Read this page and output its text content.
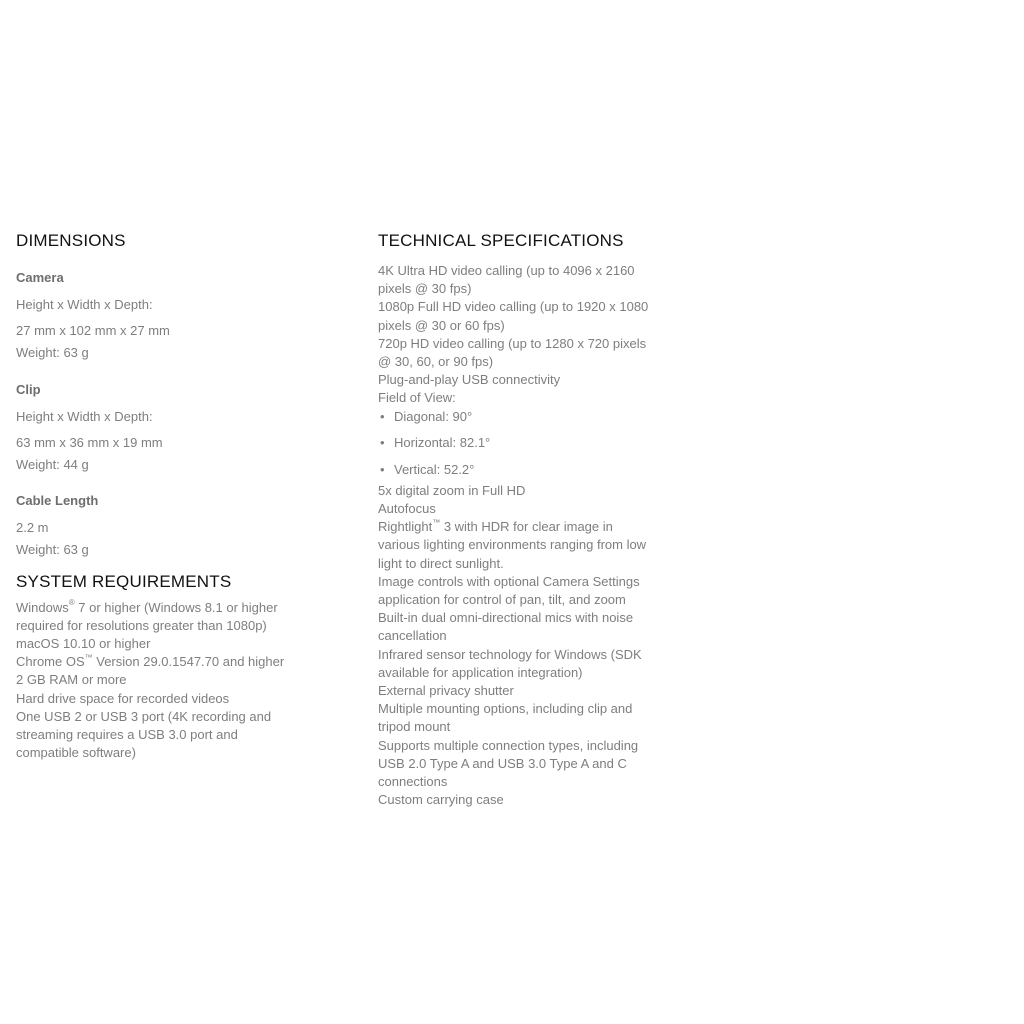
DIMENSIONS
Camera
Height x Width x Depth:
27 mm x 102 mm x 27 mm
Weight: 63 g
Clip
Height x Width x Depth:
63 mm x 36 mm x 19 mm
Weight: 44 g
Cable Length
2.2 m
Weight: 63 g
SYSTEM REQUIREMENTS
Windows® 7 or higher (Windows 8.1 or higher
required for resolutions greater than 1080p)
macOS 10.10 or higher
Chrome OS™ Version 29.0.1547.70 and higher
2 GB RAM or more
Hard drive space for recorded videos
One USB 2 or USB 3 port (4K recording and
streaming requires a USB 3.0 port and
compatible software)
TECHNICAL SPECIFICATIONS
4K Ultra HD video calling (up to 4096 x 2160
pixels @ 30 fps)
1080p Full HD video calling (up to 1920 x 1080
pixels @ 30 or 60 fps)
720p HD video calling (up to 1280 x 720 pixels
@ 30, 60, or 90 fps)
Plug-and-play USB connectivity
Field of View:
• Diagonal: 90°
• Horizontal: 82.1°
• Vertical: 52.2°
5x digital zoom in Full HD
Autofocus
Rightlight™ 3 with HDR for clear image in
various lighting environments ranging from low
light to direct sunlight.
Image controls with optional Camera Settings
application for control of pan, tilt, and zoom
Built-in dual omni-directional mics with noise
cancellation
Infrared sensor technology for Windows (SDK
available for application integration)
External privacy shutter
Multiple mounting options, including clip and
tripod mount
Supports multiple connection types, including
USB 2.0 Type A and USB 3.0 Type A and C
connections
Custom carrying case
